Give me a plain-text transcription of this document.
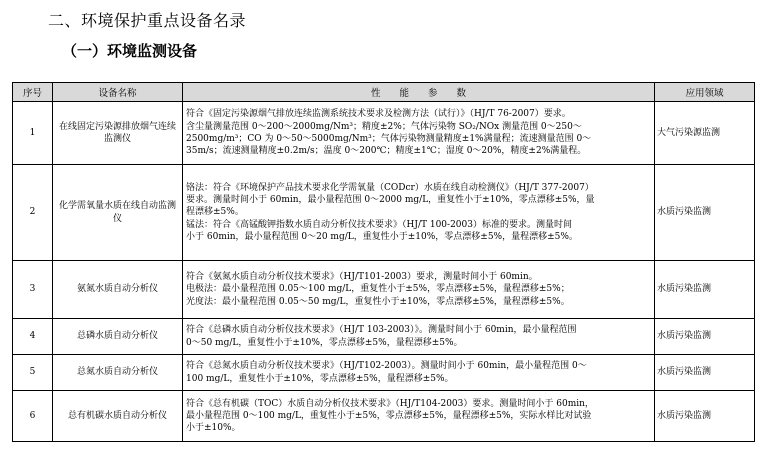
二、环境保护重点设备名录
（一）环境监测设备
序号	设备名称	性　　能　　参　　数	应用领域
1	在线固定污染源排放烟气连续监测仪	符合《固定污染源烟气排放连续监测系统技术要求及检测方法（试行）》（HJ/T 76-2007）要求。
含尘量测量范围 0～200～2000mg/Nm³；精度±2%；气体污染物 SO₂/NOx 测量范围 0～250～
2500mg/m³；CO 为 0～50～5000mg/Nm³；气体污染物测量精度±1%满量程；流速测量范围 0～
35m/s；流速测量精度±0.2m/s；温度 0～200℃；精度±1℃；湿度 0～20%，精度±2%满量程。	大气污染源监测
2	化学需氧量水质在线自动监测仪	铬法：符合《环境保护产品技术要求化学需氧量（CODcr）水质在线自动检测仪》（HJ/T 377-2007）
要求。测量时间小于 60min，最小量程范围 0～2000 mg/L，重复性小于±10%，零点漂移±5%，量
程漂移±5%。
锰法：符合《高锰酸钾指数水质自动分析仪技术要求》（HJ/T 100-2003）标准的要求。测量时间
小于 60min，最小量程范围 0～20 mg/L，重复性小于±10%，零点漂移±5%，量程漂移±5%。	水质污染监测
3	氨氮水质自动分析仪	符合《氨氮水质自动分析仪技术要求》（HJ/T101-2003）要求，测量时间小于 60min。
电极法：最小量程范围 0.05～100 mg/L，重复性小于±5%，零点漂移±5%，量程漂移±5%；
光度法：最小量程范围 0.05～50 mg/L，重复性小于±10%，零点漂移±5%，量程漂移±5%。	水质污染监测
4	总磷水质自动分析仪	符合《总磷水质自动分析仪技术要求》（HJ/T 103-2003）》。测量时间小于 60min，最小量程范围
0～50 mg/L，重复性小于±10%，零点漂移±5%，量程漂移±5%。	水质污染监测
5	总氮水质自动分析仪	符合《总氮水质自动分析仪技术要求》（HJ/T102-2003）。测量时间小于 60min，最小量程范围 0～
100 mg/L，重复性小于±10%，零点漂移±5%，量程漂移±5%。	水质污染监测
6	总有机碳水质自动分析仪	符合《总有机碳（TOC）水质自动分析仪技术要求》（HJ/T104-2003）要求。测量时间小于 60min，
最小量程范围 0～100 mg/L，重复性小于±5%，零点漂移±5%，量程漂移±5%，实际水样比对试验
小于±10%。	水质污染监测
